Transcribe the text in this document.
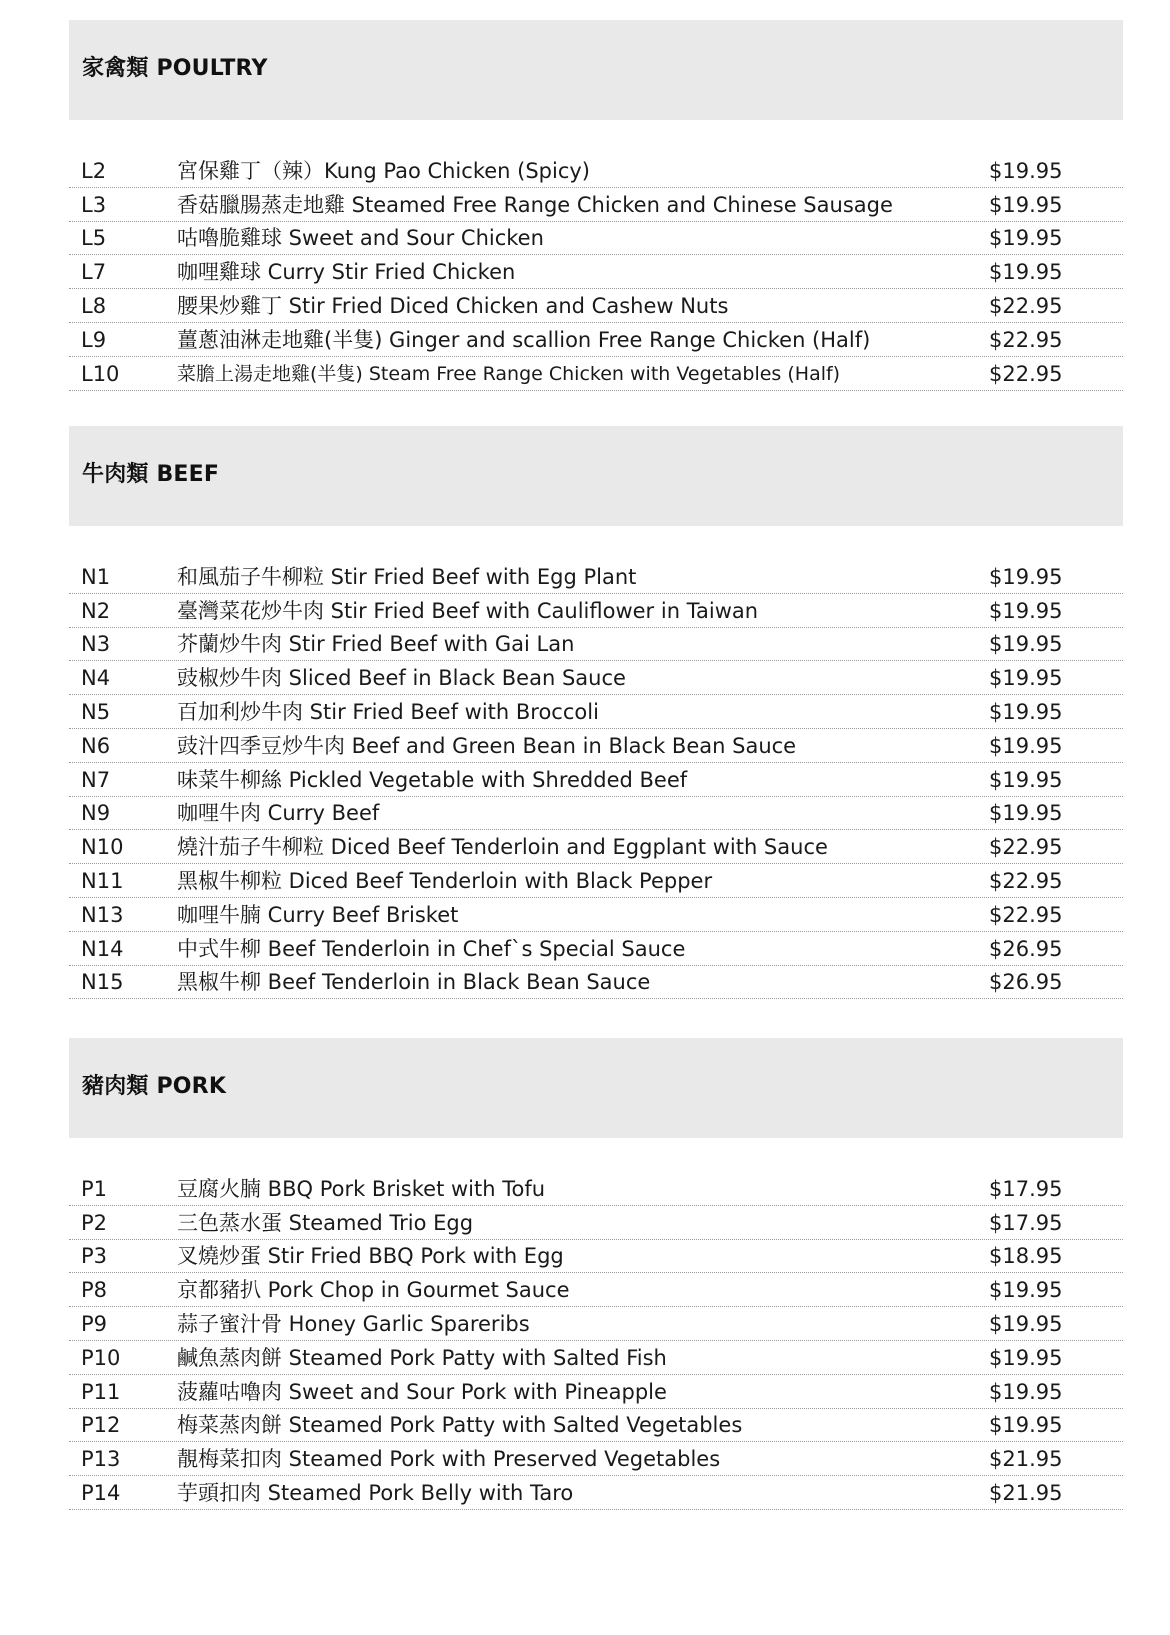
家禽類 POULTRY
L2	宮保雞丁（辣）Kung Pao Chicken (Spicy)	$19.95
L3	香菇臘腸蒸走地雞 Steamed Free Range Chicken and Chinese Sausage	$19.95
L5	咕嚕脆雞球 Sweet and Sour Chicken	$19.95
L7	咖哩雞球 Curry Stir Fried Chicken	$19.95
L8	腰果炒雞丁 Stir Fried Diced Chicken and Cashew Nuts	$22.95
L9	薑蔥油淋走地雞(半隻) Ginger and scallion Free Range Chicken (Half)	$22.95
L10	菜膽上湯走地雞(半隻) Steam Free Range Chicken with Vegetables (Half)	$22.95
牛肉類 BEEF
N1	和風茄子牛柳粒 Stir Fried Beef with Egg Plant	$19.95
N2	臺灣菜花炒牛肉 Stir Fried Beef with Cauliflower in Taiwan	$19.95
N3	芥蘭炒牛肉 Stir Fried Beef with Gai Lan	$19.95
N4	豉椒炒牛肉 Sliced Beef in Black Bean Sauce	$19.95
N5	百加利炒牛肉 Stir Fried Beef with Broccoli	$19.95
N6	豉汁四季豆炒牛肉 Beef and Green Bean in Black Bean Sauce	$19.95
N7	味菜牛柳絲 Pickled Vegetable with Shredded Beef	$19.95
N9	咖哩牛肉 Curry Beef	$19.95
N10	燒汁茄子牛柳粒 Diced Beef Tenderloin and Eggplant with Sauce	$22.95
N11	黑椒牛柳粒 Diced Beef Tenderloin with Black Pepper	$22.95
N13	咖哩牛腩 Curry Beef Brisket	$22.95
N14	中式牛柳 Beef Tenderloin in Chef`s Special Sauce	$26.95
N15	黑椒牛柳 Beef Tenderloin in Black Bean Sauce	$26.95
豬肉類 PORK
P1	豆腐火腩 BBQ Pork Brisket with Tofu	$17.95
P2	三色蒸水蛋 Steamed Trio Egg	$17.95
P3	叉燒炒蛋 Stir Fried BBQ Pork with Egg	$18.95
P8	京都豬扒 Pork Chop in Gourmet Sauce	$19.95
P9	蒜子蜜汁骨 Honey Garlic Spareribs	$19.95
P10	鹹魚蒸肉餅 Steamed Pork Patty with Salted Fish	$19.95
P11	菠蘿咕嚕肉 Sweet and Sour Pork with Pineapple	$19.95
P12	梅菜蒸肉餅 Steamed Pork Patty with Salted Vegetables	$19.95
P13	靚梅菜扣肉 Steamed Pork with Preserved Vegetables	$21.95
P14	芋頭扣肉 Steamed Pork Belly with Taro	$21.95
